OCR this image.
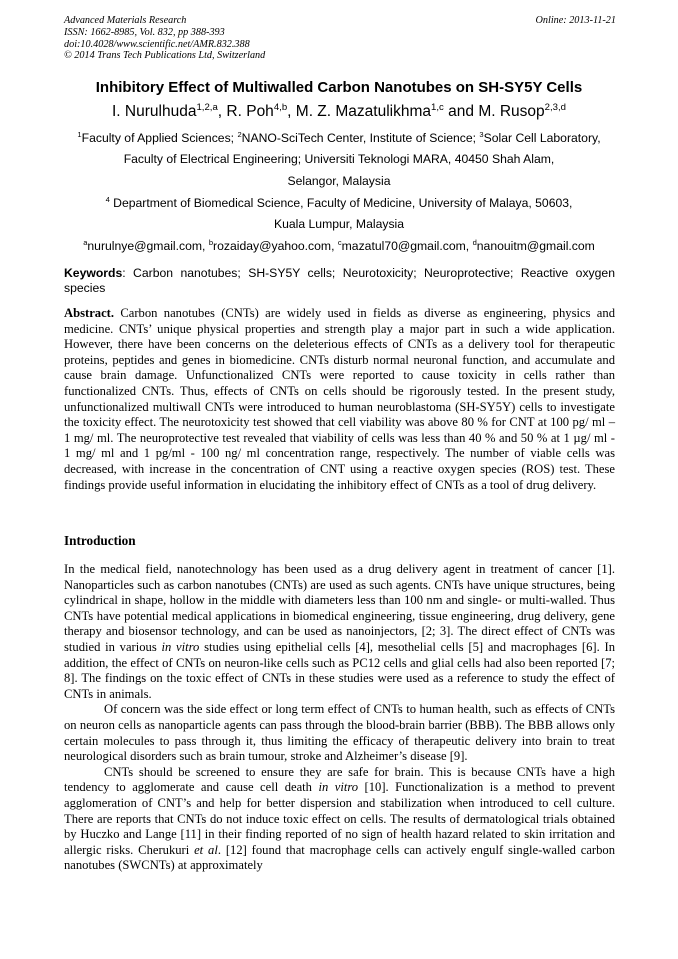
Advanced Materials Research
ISSN: 1662-8985, Vol. 832, pp 388-393
doi:10.4028/www.scientific.net/AMR.832.388
© 2014 Trans Tech Publications Ltd, Switzerland
Online: 2013-11-21
Inhibitory Effect of Multiwalled Carbon Nanotubes on SH-SY5Y Cells
I. Nurulhuda$^{1,2,a}$, R. Poh$^{4,b}$, M. Z. Mazatulikhma$^{1,c}$ and M. Rusop$^{2,3,d}$
$^1$Faculty of Applied Sciences; $^2$NANO-SciTech Center, Institute of Science; $^3$Solar Cell Laboratory,
Faculty of Electrical Engineering; Universiti Teknologi MARA, 40450 Shah Alam,
Selangor, Malaysia
$^4$ Department of Biomedical Science, Faculty of Medicine, University of Malaya, 50603,
Kuala Lumpur, Malaysia
$^a$nurulnye@gmail.com, $^b$rozaiday@yahoo.com, $^c$mazatul70@gmail.com, $^d$nanouitm@gmail.com
Keywords: Carbon nanotubes; SH-SY5Y cells; Neurotoxicity; Neuroprotective; Reactive oxygen species

Abstract. Carbon nanotubes (CNTs) are widely used in fields as diverse as engineering, physics and medicine. CNTs’ unique physical properties and strength play a major part in such a wide application. However, there have been concerns on the deleterious effects of CNTs as a delivery tool for therapeutic proteins, peptides and genes in biomedicine. CNTs disturb normal neuronal function, and accumulate and cause brain damage. Unfunctionalized CNTs were reported to cause toxicity in cells rather than functionalized CNTs. Thus, effects of CNTs on cells should be rigorously tested. In the present study, unfunctionalized multiwall CNTs were introduced to human neuroblastoma (SH-SY5Y) cells to investigate the toxicity effect. The neurotoxicity test showed that cell viability was above 80 % for CNT at 100 pg/ ml – 1 mg/ ml. The neuroprotective test revealed that viability of cells was less than 40 % and 50 % at 1 µg/ ml - 1 mg/ ml and 1 pg/ml - 100 ng/ ml concentration range, respectively. The number of viable cells was decreased, with increase in the concentration of CNT using a reactive oxygen species (ROS) test. These findings provide useful information in elucidating the inhibitory effect of CNTs as a tool of drug delivery.

Introduction

In the medical field, nanotechnology has been used as a drug delivery agent in treatment of cancer [1]. Nanoparticles such as carbon nanotubes (CNTs) are used as such agents. CNTs have unique structures, being cylindrical in shape, hollow in the middle with diameters less than 100 nm and single- or multi-walled. Thus CNTs have potential medical applications in biomedical engineering, tissue engineering, drug delivery, gene therapy and biosensor technology, and can be used as nanoinjectors, [2; 3]. The direct effect of CNTs was studied in various in vitro studies using epithelial cells [4], mesothelial cells [5] and macrophages [6]. In addition, the effect of CNTs on neuron-like cells such as PC12 cells and glial cells had also been reported [7; 8]. The findings on the toxic effect of CNTs in these studies were used as a reference to study the effect of CNTs in animals.

Of concern was the side effect or long term effect of CNTs to human health, such as effects of CNTs on neuron cells as nanoparticle agents can pass through the blood-brain barrier (BBB). The BBB allows only certain molecules to pass through it, thus limiting the efficacy of therapeutic delivery into brain to treat neurological disorders such as brain tumour, stroke and Alzheimer’s disease [9].

CNTs should be screened to ensure they are safe for brain. This is because CNTs have a high tendency to agglomerate and cause cell death in vitro [10]. Functionalization is a method to prevent agglomeration of CNT’s and help for better dispersion and stabilization when introduced to cell culture. There are reports that CNTs do not induce toxic effect on cells. The results of dermatological trials obtained by Huczko and Lange [11] in their finding reported of no sign of health hazard related to skin irritation and allergic risks. Cherukuri et al. [12] found that macrophage cells can actively engulf single-walled carbon nanotubes (SWCNTs) at approximately
